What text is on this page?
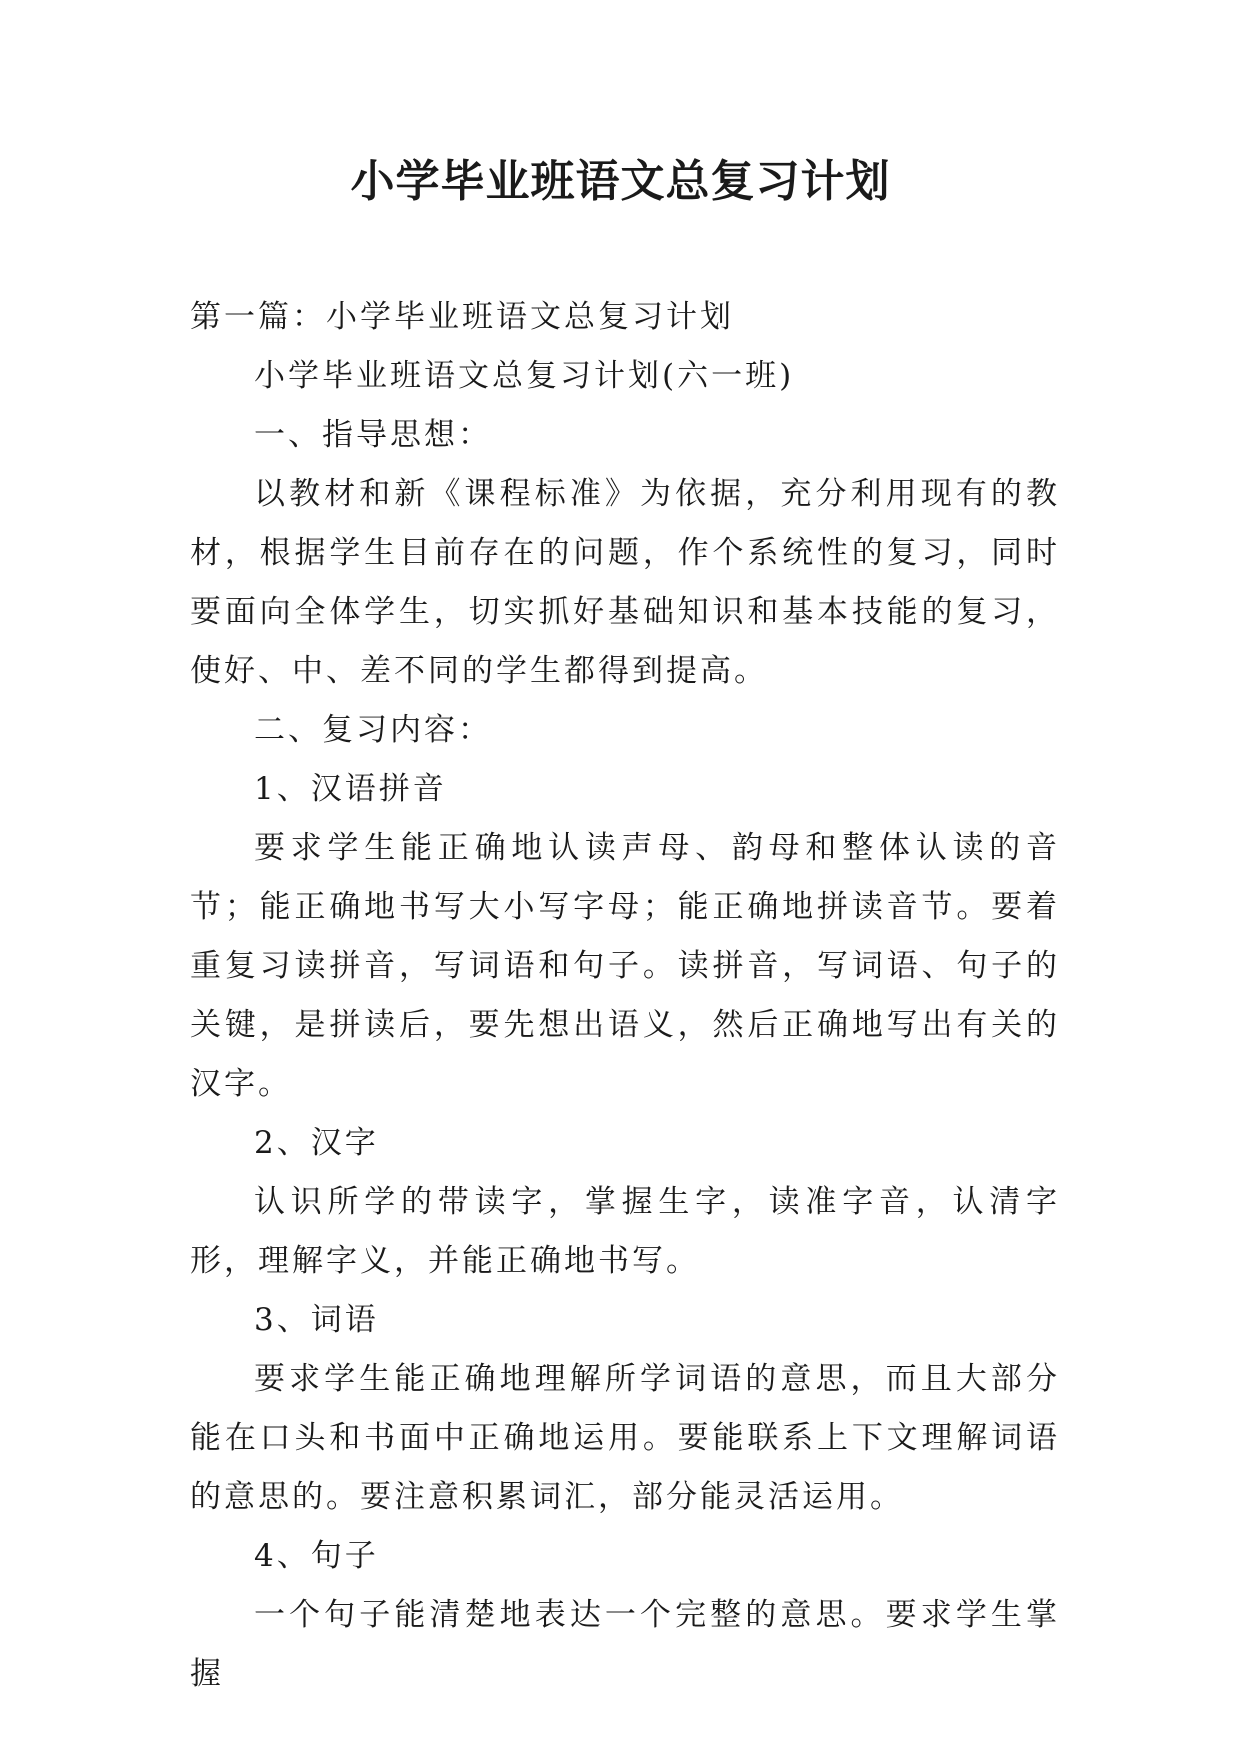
小学毕业班语文总复习计划

第一篇：小学毕业班语文总复习计划

小学毕业班语文总复习计划(六一班)

一、指导思想：

以教材和新《课程标准》为依据，充分利用现有的教材，根据学生目前存在的问题，作个系统性的复习，同时要面向全体学生，切实抓好基础知识和基本技能的复习，使好、中、差不同的学生都得到提高。

二、复习内容：

1、汉语拼音

要求学生能正确地认读声母、韵母和整体认读的音节；能正确地书写大小写字母；能正确地拼读音节。要着重复习读拼音，写词语和句子。读拼音，写词语、句子的关键，是拼读后，要先想出语义，然后正确地写出有关的汉字。

2、汉字

认识所学的带读字，掌握生字，读准字音，认清字形，理解字义，并能正确地书写。

3、词语

要求学生能正确地理解所学词语的意思，而且大部分能在口头和书面中正确地运用。要能联系上下文理解词语的意思的。要注意积累词汇，部分能灵活运用。

4、句子

一个句子能清楚地表达一个完整的意思。要求学生掌握
